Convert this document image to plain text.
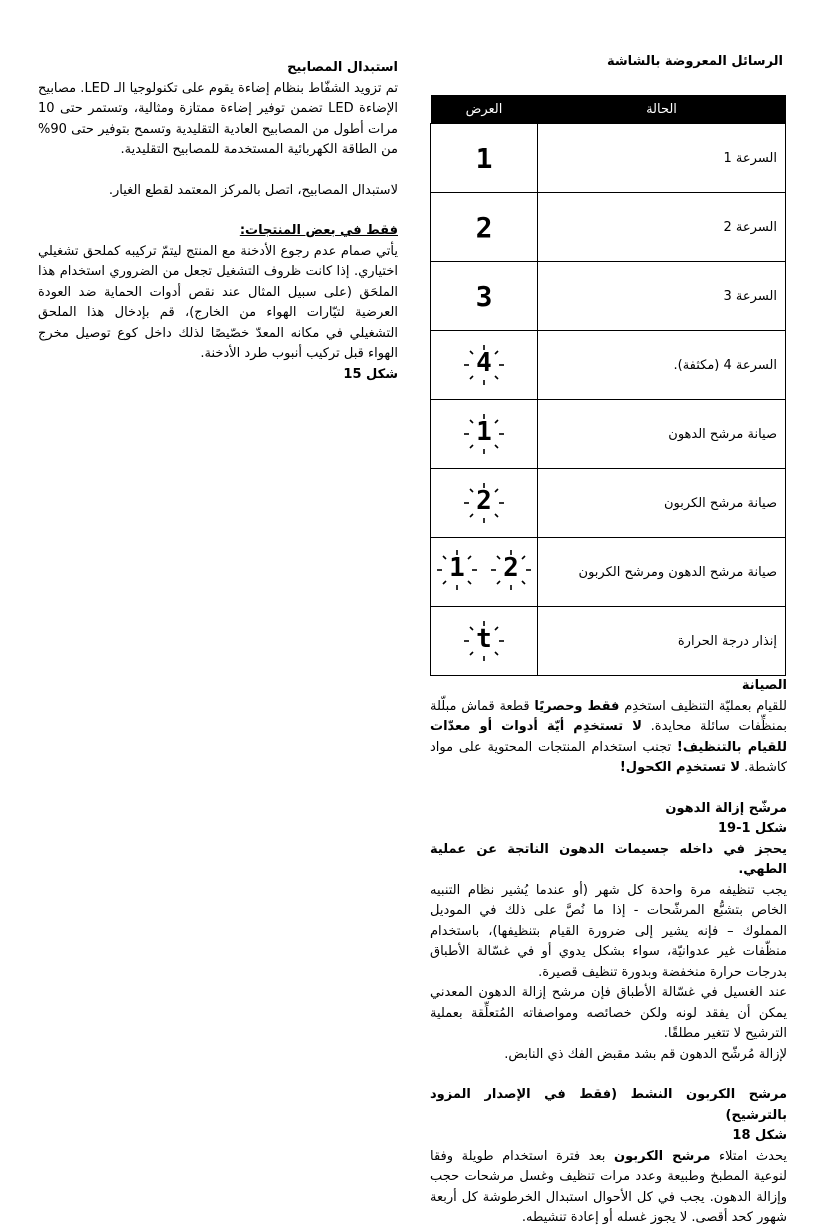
استبدال المصابيح

تم تزويد الشفّاط بنظام إضاءة يقوم على تكنولوجيا الـ LED. مصابيح الإضاءة LED تضمن توفير إضاءة ممتازة ومثالية، وتستمر حتى 10 مرات أطول من المصابيح العادية التقليدية وتسمح بتوفير حتى 90% من الطاقة الكهربائية المستخدمة للمصابيح التقليدية.

لاستبدال المصابيح، اتصل بالمركز المعتمد لقطع الغيار.

فقط في بعض المنتجات:

يأتي صمام عدم رجوع الأدخنة مع المنتج ليتمّ تركيبه كملحق تشغيلي اختياري. إذا كانت ظروف التشغيل تجعل من الضروري استخدام هذا الملحَق (على سبيل المثال عند نقص أدوات الحماية ضد العودة العرضية لتيّارات الهواء من الخارج)، قم بإدخال هذا الملحق التشغيلي في مكانه المعدّ خصّيصًا لذلك داخل كوع توصيل مخرج الهواء قبل تركيب أنبوب طرد الأدخنة.

شكل 15

الرسائل المعروضة بالشاشة
الحالة	العرض
السرعة 1	1
السرعة 2	2
السرعة 3	3
السرعة 4 (مكثفة).	4

صيانة مرشح الدهون	1

صيانة مرشح الكربون	2

صيانة مرشح الدهون ومرشح الكربون	1 2

إنذار درجة الحرارة	t

الصيانة

للقيام بعمليّة التنظيف استخدِم فقط وحصريًا قطعة قماش مبلّلة بمنظِّفات سائلة محايدة. لا تستخدِم أيّة أدوات أو معدّات للقيام بالتنظيف! تجنب استخدام المنتجات المحتوية على مواد كاشطة. لا تستخدِم الكحول!

مرشّح إزالة الدهون

شكل 1-19

يحجز في داخله جسيمات الدهون الناتجة عن عملية الطهي.

يجب تنظيفه مرة واحدة كل شهر (أو عندما يُشير نظام التنبيه الخاص بتشبُّع المرشّحات - إذا ما نُصَّ على ذلك في الموديل المملوك – فإنه يشير إلى ضرورة القيام بتنظيفها)، باستخدام منظّفات غير عدوانيّة، سواء بشكل يدوي أو في غسّالة الأطباق بدرجات حرارة منخفضة وبدورة تنظيف قصيرة.

عند الغسيل في غسّالة الأطباق فإن مرشح إزالة الدهون المعدني يمكن أن يفقد لونه ولكن خصائصه ومواصفاته المُتعلِّقة بعملية الترشيح لا تتغير مطلقًا.

لإزالة مُرشّح الدهون قم بشد مقبض الفك ذي النابض.

مرشح الكربون النشط (فقط في الإصدار المزود بالترشيح)

شكل 18

يحدث امتلاء مرشح الكربون بعد فترة استخدام طويلة وفقا لنوعية المطبخ وطبيعة وعدد مرات تنظيف وغسل مرشحات حجب وإزالة الدهون. يجب في كل الأحوال استبدال الخرطوشة كل أربعة شهور كحد أقصى. لا يجوز غسله أو إعادة تنشيطه.
